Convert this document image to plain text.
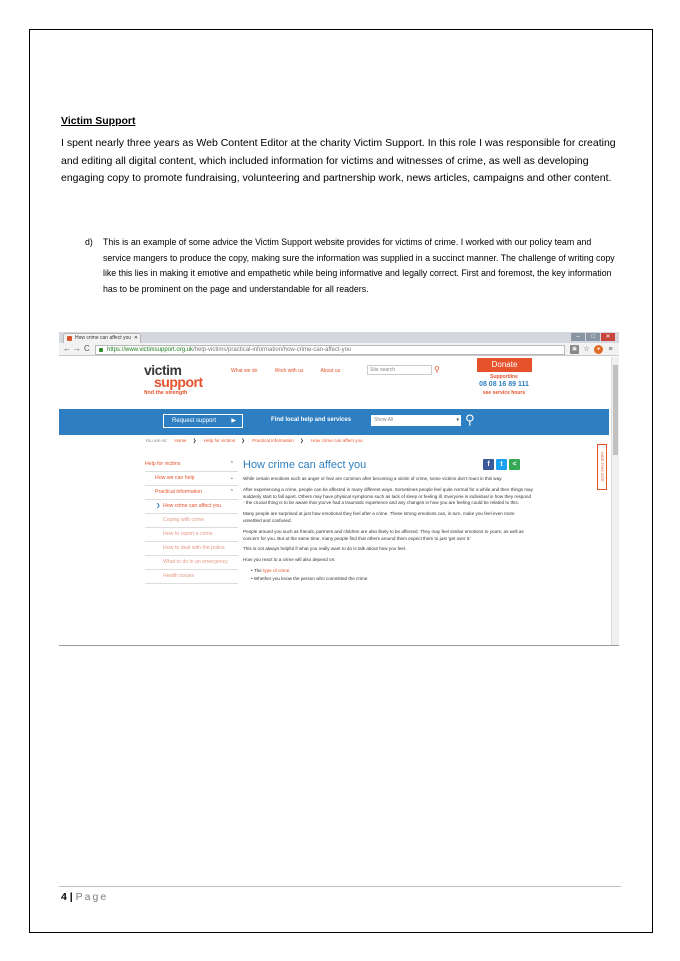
Victim Support
I spent nearly three years as Web Content Editor at the charity Victim Support. In this role I was responsible for creating and editing all digital content, which included information for victims and witnesses of crime, as well as developing engaging copy to promote fundraising, volunteering and partnership work, news articles, campaigns and other content.
d) This is an example of some advice the Victim Support website provides for victims of crime. I worked with our policy team and service mangers to produce the copy, making sure the information was supplied in a succinct manner. The challenge of writing copy like this lies in making it emotive and empathetic while being informative and legally correct. First and foremost, the key information has to be prominent on the page and understandable for all readers.
How crime can affect you ✕	–	□	✕
← → C	https://www.victimsupport.org.uk/help-victims/practical-information/how-crime-can-affect-you	▣ ☆	●	≡
victim
support
find the strength
What we do	Work with us	About us	Site search	⚲
Donate
Supportline
08 08 16 89 111
see service hours
Request support	▶	Find local help and services	Show All	▾ ⚲
You are at: Home ❯ Help for victims ❯ Practical information ❯ How crime can affect you
HIDE THIS SITE
Help for victims	⌃
How we can help	⌄
Practical information	⌃
❯ How crime can affect you
Coping with crime
How to report a crime
How to deal with the police
What to do in an emergency
Health issues
f	t	<
How crime can affect you

While certain emotions such as anger or fear are common after becoming a victim of crime, some victims don't react in this way.

After experiencing a crime, people can be affected in many different ways. Sometimes people feel quite normal for a while and then things may suddenly start to fall apart. Others may have physical symptoms such as lack of sleep or feeling ill. Everyone is individual in how they respond - the crucial thing is to be aware that you've had a traumatic experience and any changes in how you are feeling could be related to this.

Many people are surprised at just how emotional they feel after a crime. These strong emotions can, in turn, make you feel even more unsettled and confused.

People around you such as friends, partners and children are also likely to be affected. They may feel similar emotions to yours, as well as concern for you. But at the same time, many people find that others around them expect them to just 'get over it.'

This is not always helpful if what you really want to do is talk about how you feel.

How you react to a crime will also depend on:

• The type of crime.

• Whether you know the person who committed the crime.

4 | Page
